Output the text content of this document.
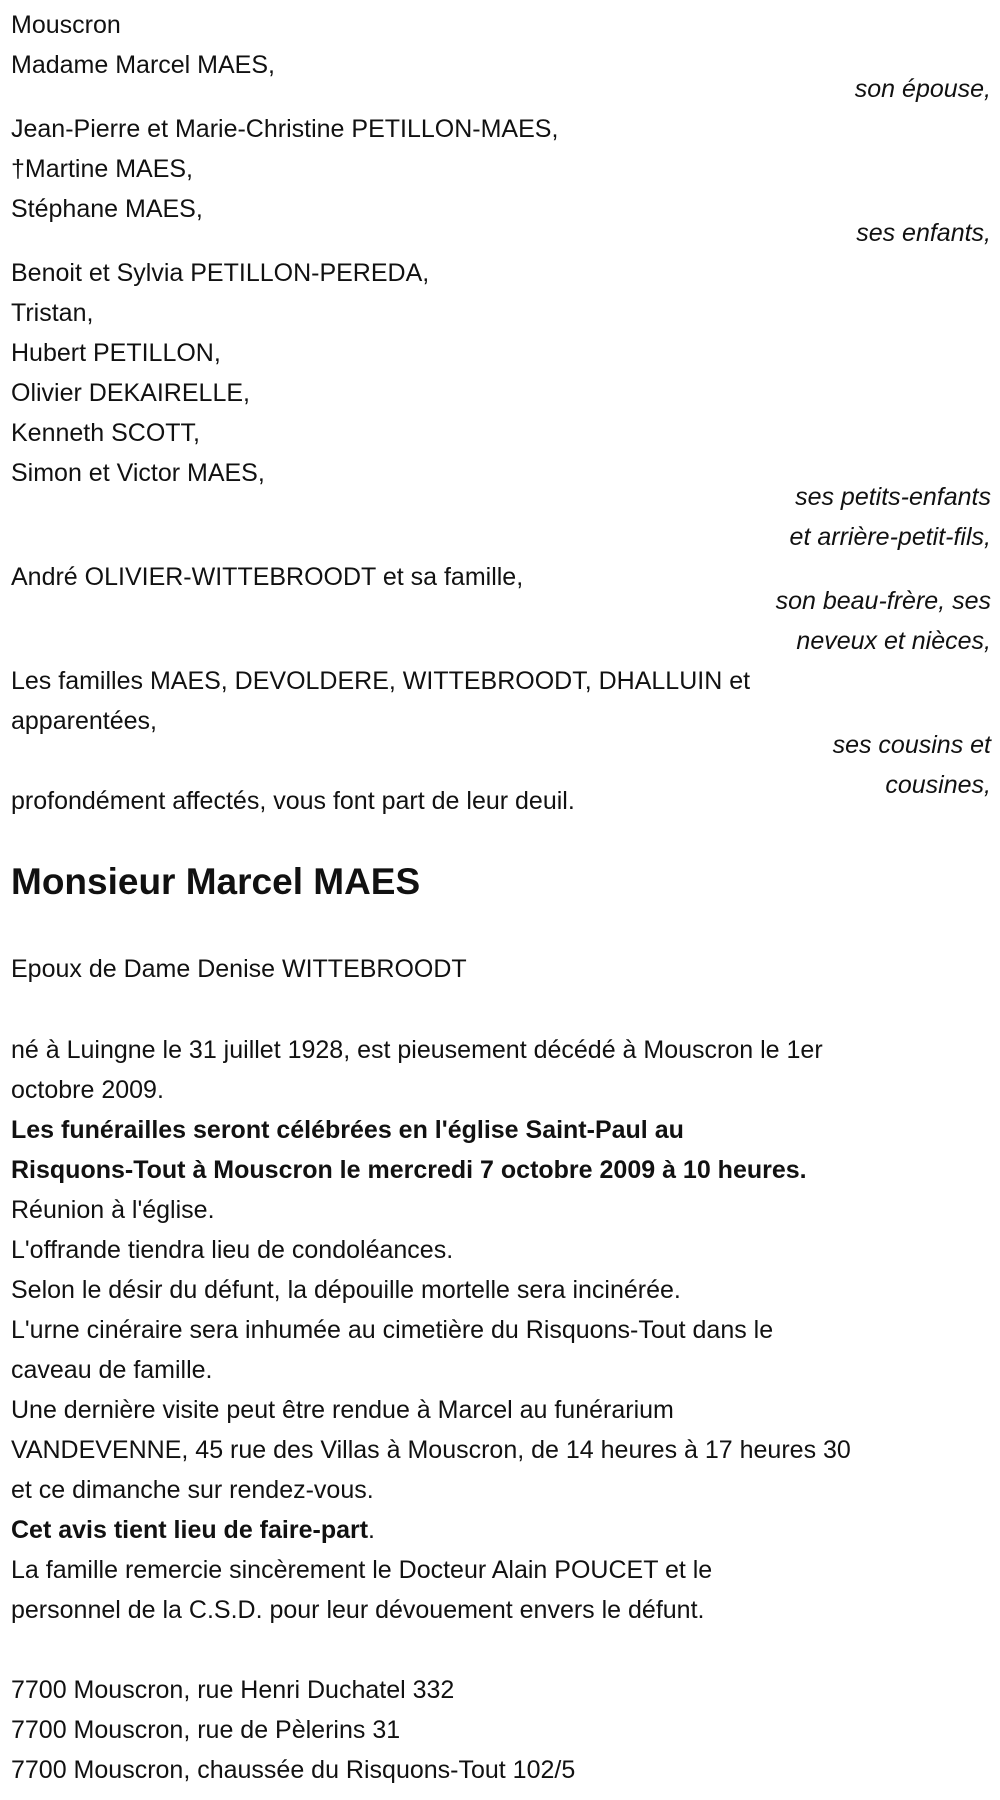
Mouscron
Madame Marcel MAES,
son épouse,
Jean-Pierre et Marie-Christine PETILLON-MAES,
†Martine MAES,
Stéphane MAES,
ses enfants,
Benoit et Sylvia PETILLON-PEREDA,
Tristan,
Hubert PETILLON,
Olivier DEKAIRELLE,
Kenneth SCOTT,
Simon et Victor MAES,
ses petits-enfants
et arrière-petit-fils,
André OLIVIER-WITTEBROODT et sa famille,
son beau-frère, ses
neveux et nièces,
Les familles MAES, DEVOLDERE, WITTEBROODT, DHALLUIN et
apparentées,
ses cousins et
cousines,
profondément affectés, vous font part de leur deuil.
Monsieur Marcel MAES
Epoux de Dame Denise WITTEBROODT
né à Luingne le 31 juillet 1928, est pieusement décédé à Mouscron le 1er
octobre 2009.
Les funérailles seront célébrées en l'église Saint-Paul au
Risquons-Tout à Mouscron le mercredi 7 octobre 2009 à 10 heures.
Réunion à l'église.
L'offrande tiendra lieu de condoléances.
Selon le désir du défunt, la dépouille mortelle sera incinérée.
L'urne cinéraire sera inhumée au cimetière du Risquons-Tout dans le
caveau de famille.
Une dernière visite peut être rendue à Marcel au funérarium
VANDEVENNE, 45 rue des Villas à Mouscron, de 14 heures à 17 heures 30
et ce dimanche sur rendez-vous.
Cet avis tient lieu de faire-part.
La famille remercie sincèrement le Docteur Alain POUCET et le
personnel de la C.S.D. pour leur dévouement envers le défunt.
7700 Mouscron, rue Henri Duchatel 332
7700 Mouscron, rue de Pèlerins 31
7700 Mouscron, chaussée du Risquons-Tout 102/5
